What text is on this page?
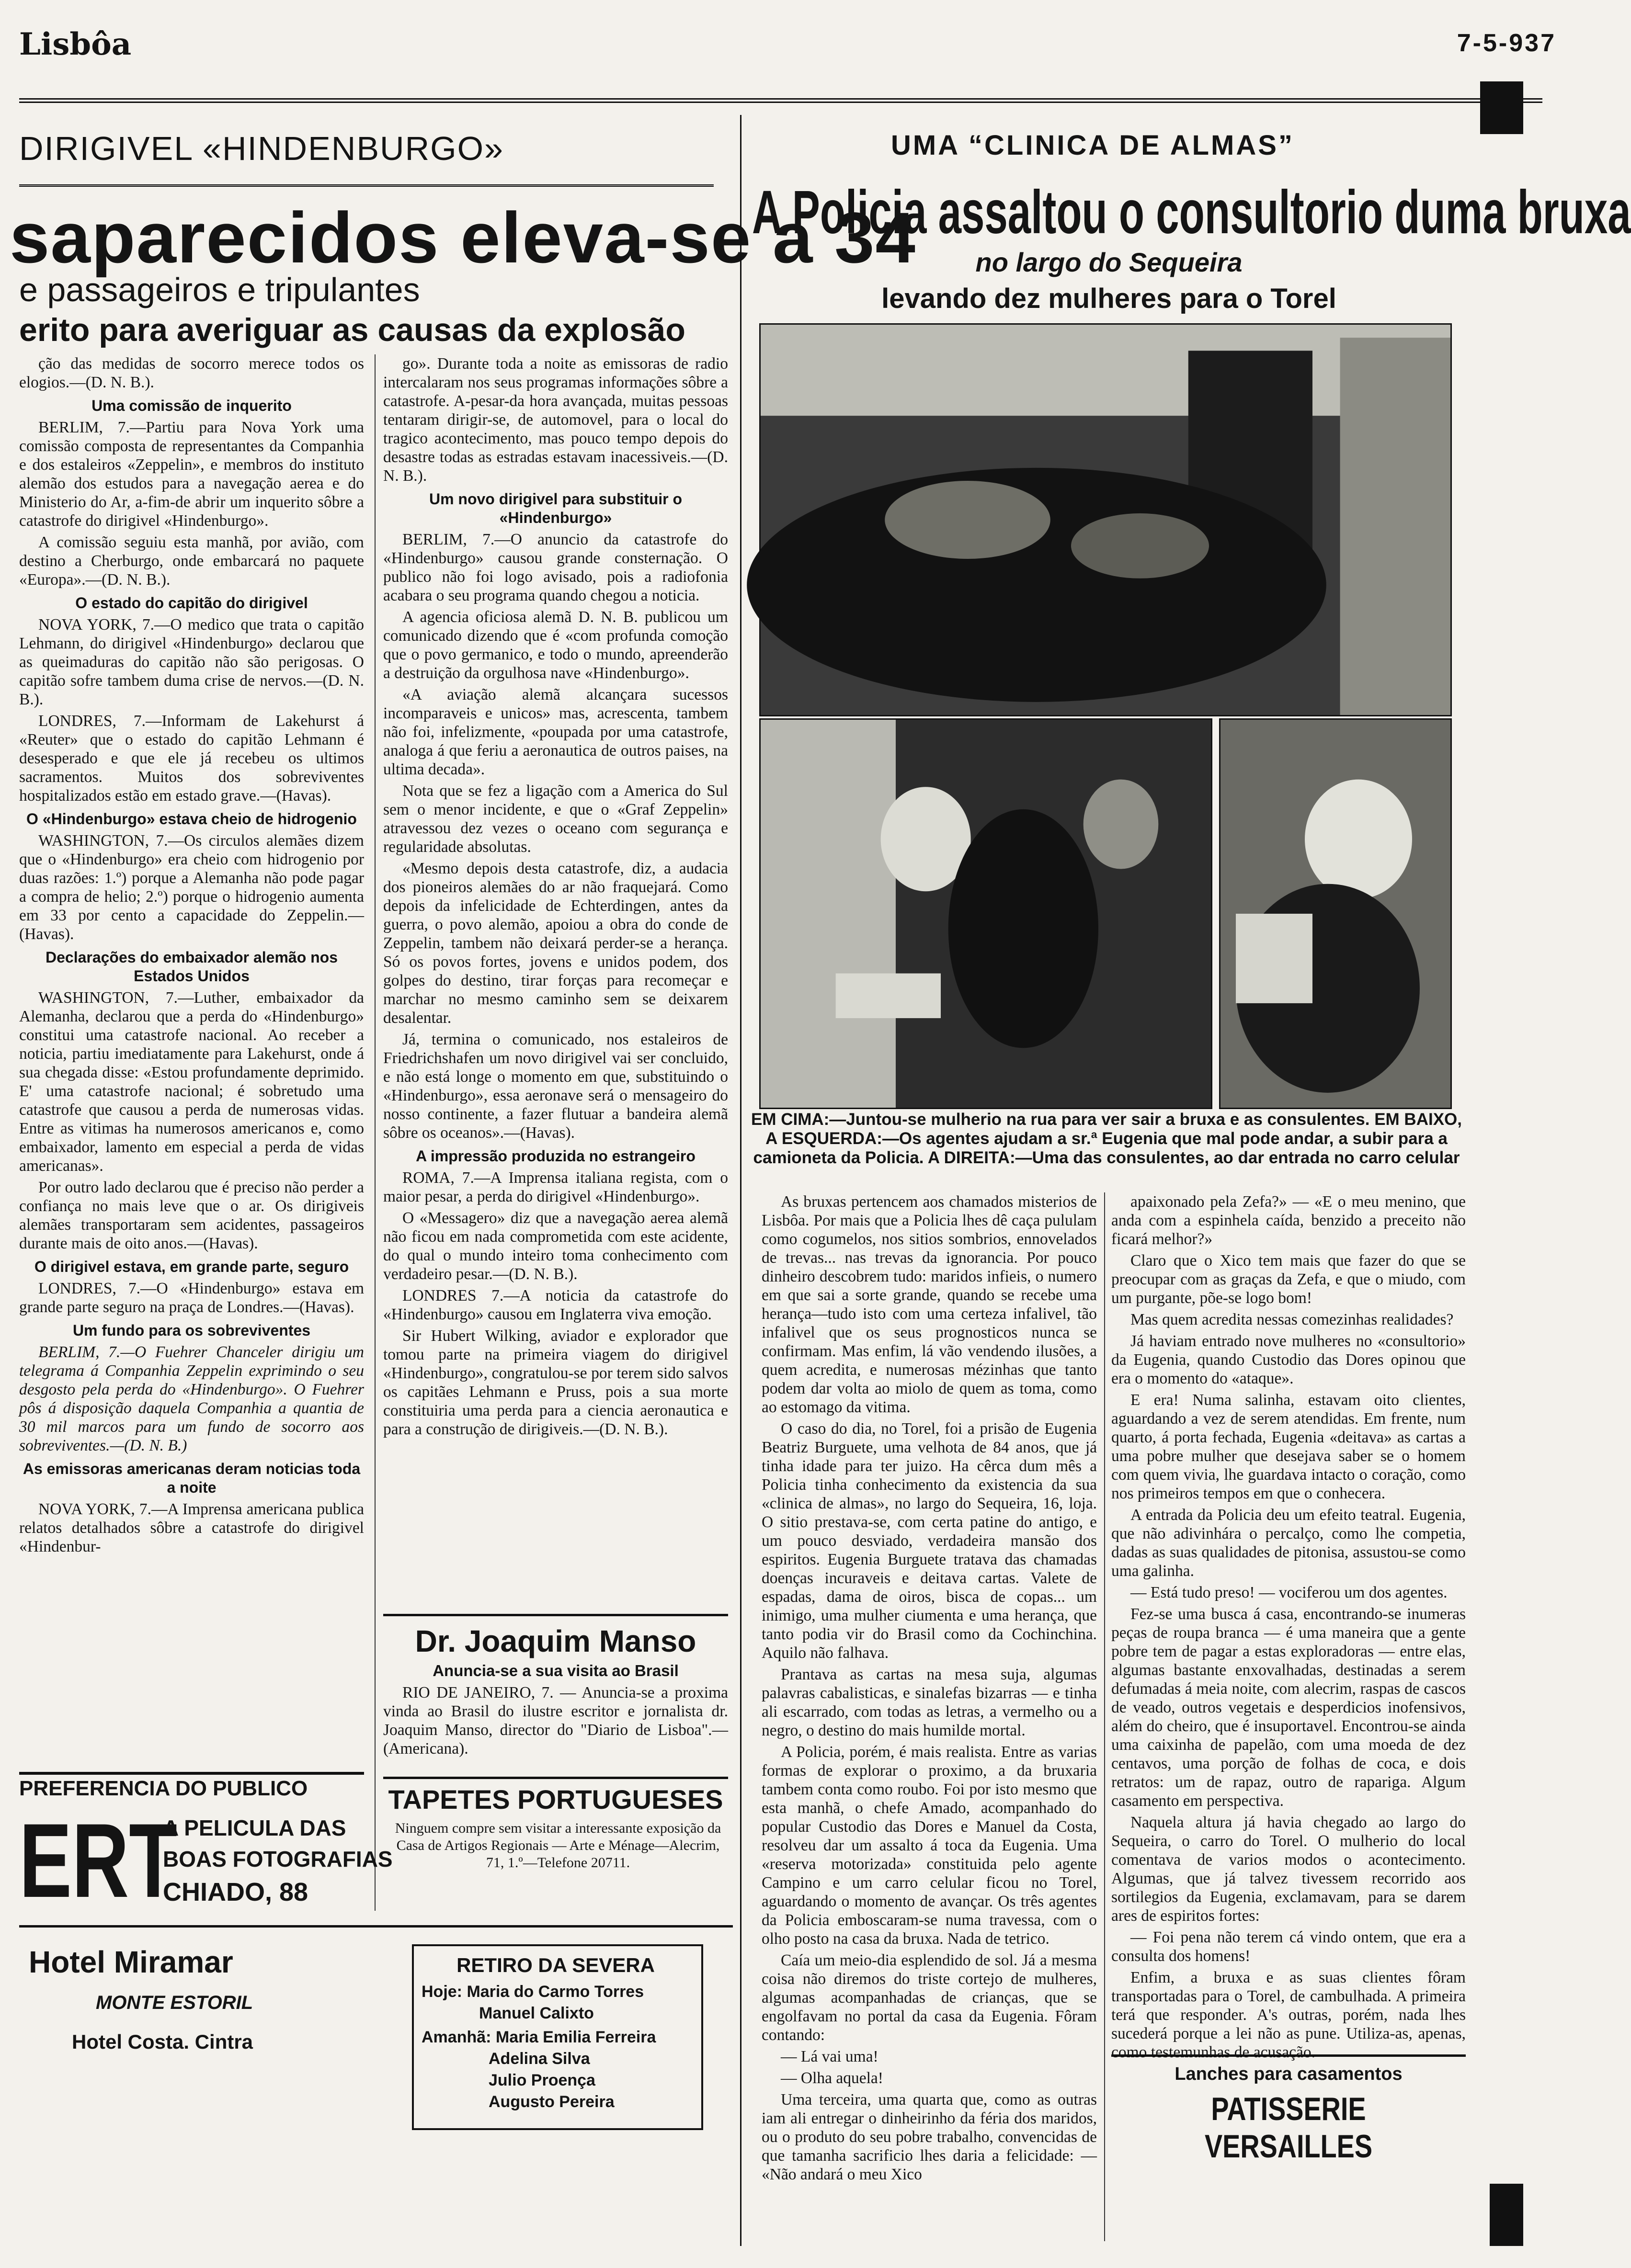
Lisbôa	7-5-937
DIRIGIVEL «HINDENBURGO»
saparecidos eleva-se a 34
e passageiros e tripulantes
erito para averiguar as causas da explosão

ção das medidas de socorro merece todos os elogios.—(D. N. B.).

Uma comissão de inquerito

BERLIM, 7.—Partiu para Nova York uma comissão composta de representantes da Companhia e dos estaleiros «Zeppelin», e membros do instituto alemão dos estudos para a navegação aerea e do Ministerio do Ar, a-fim-de abrir um inquerito sôbre a catastrofe do dirigivel «Hindenburgo».

A comissão seguiu esta manhã, por avião, com destino a Cherburgo, onde embarcará no paquete «Europa».—(D. N. B.).

O estado do capitão do dirigivel

NOVA YORK, 7.—O medico que trata o capitão Lehmann, do dirigivel «Hindenburgo» declarou que as queimaduras do capitão não são perigosas. O capitão sofre tambem duma crise de nervos.—(D. N. B.).

LONDRES, 7.—Informam de Lakehurst á «Reuter» que o estado do capitão Lehmann é desesperado e que ele já recebeu os ultimos sacramentos. Muitos dos sobreviventes hospitalizados estão em estado grave.—(Havas).

O «Hindenburgo» estava cheio de hidrogenio

WASHINGTON, 7.—Os circulos alemães dizem que o «Hindenburgo» era cheio com hidrogenio por duas razões: 1.º) porque a Alemanha não pode pagar a compra de helio; 2.º) porque o hidrogenio aumenta em 33 por cento a capacidade do Zeppelin.—(Havas).

Declarações do embaixador alemão nos Estados Unidos

WASHINGTON, 7.—Luther, embaixador da Alemanha, declarou que a perda do «Hindenburgo» constitui uma catastrofe nacional. Ao receber a noticia, partiu imediatamente para Lakehurst, onde á sua chegada disse: «Estou profundamente deprimido. E' uma catastrofe nacional; é sobretudo uma catastrofe que causou a perda de numerosas vidas. Entre as vitimas ha numerosos americanos e, como embaixador, lamento em especial a perda de vidas americanas».

Por outro lado declarou que é preciso não perder a confiança no mais leve que o ar. Os dirigiveis alemães transportaram sem acidentes, passageiros durante mais de oito anos.—(Havas).

O dirigivel estava, em grande parte, seguro

LONDRES, 7.—O «Hindenburgo» estava em grande parte seguro na praça de Londres.—(Havas).

Um fundo para os sobreviventes

BERLIM, 7.—O Fuehrer Chanceler dirigiu um telegrama á Companhia Zeppelin exprimindo o seu desgosto pela perda do «Hindenburgo». O Fuehrer pôs á disposição daquela Companhia a quantia de 30 mil marcos para um fundo de socorro aos sobreviventes.—(D. N. B.)

As emissoras americanas deram noticias toda a noite

NOVA YORK, 7.—A Imprensa americana publica relatos detalhados sôbre a catastrofe do dirigivel «Hindenbur-

go». Durante toda a noite as emissoras de radio intercalaram nos seus programas informações sôbre a catastrofe. A-pesar-da hora avançada, muitas pessoas tentaram dirigir-se, de automovel, para o local do tragico acontecimento, mas pouco tempo depois do desastre todas as estradas estavam inacessiveis.—(D. N. B.).

Um novo dirigivel para substituir o «Hindenburgo»

BERLIM, 7.—O anuncio da catastrofe do «Hindenburgo» causou grande consternação. O publico não foi logo avisado, pois a radiofonia acabara o seu programa quando chegou a noticia.

A agencia oficiosa alemã D. N. B. publicou um comunicado dizendo que é «com profunda comoção que o povo germanico, e todo o mundo, apreenderão a destruição da orgulhosa nave «Hindenburgo».

«A aviação alemã alcançara sucessos incomparaveis e unicos» mas, acrescenta, tambem não foi, infelizmente, «poupada por uma catastrofe, analoga á que feriu a aeronautica de outros paises, na ultima decada».

Nota que se fez a ligação com a America do Sul sem o menor incidente, e que o «Graf Zeppelin» atravessou dez vezes o oceano com segurança e regularidade absolutas.

«Mesmo depois desta catastrofe, diz, a audacia dos pioneiros alemães do ar não fraquejará. Como depois da infelicidade de Echterdingen, antes da guerra, o povo alemão, apoiou a obra do conde de Zeppelin, tambem não deixará perder-se a herança. Só os povos fortes, jovens e unidos podem, dos golpes do destino, tirar forças para recomeçar e marchar no mesmo caminho sem se deixarem desalentar.

Já, termina o comunicado, nos estaleiros de Friedrichshafen um novo dirigivel vai ser concluido, e não está longe o momento em que, substituindo o «Hindenburgo», essa aeronave será o mensageiro do nosso continente, a fazer flutuar a bandeira alemã sôbre os oceanos».—(Havas).

A impressão produzida no estrangeiro

ROMA, 7.—A Imprensa italiana regista, com o maior pesar, a perda do dirigivel «Hindenburgo».

O «Messagero» diz que a navegação aerea alemã não ficou em nada comprometida com este acidente, do qual o mundo inteiro toma conhecimento com verdadeiro pesar.—(D. N. B.).

LONDRES 7.—A noticia da catastrofe do «Hindenburgo» causou em Inglaterra viva emoção.

Sir Hubert Wilking, aviador e explorador que tomou parte na primeira viagem do dirigivel «Hindenburgo», congratulou-se por terem sido salvos os capitães Lehmann e Pruss, pois a sua morte constituiria uma perda para a ciencia aeronautica e para a construção de dirigiveis.—(D. N. B.).

UMA “CLINICA DE ALMAS”
A Policia assaltou o consultorio duma bruxa
no largo do Sequeira
levando dez mulheres para o Torel
EM CIMA:—Juntou-se mulherio na rua para ver sair a bruxa e as consulentes. EM BAIXO, A ESQUERDA:—Os agentes ajudam a sr.ª Eugenia que mal pode andar, a subir para a camioneta da Policia. A DIREITA:—Uma das consulentes, ao dar entrada no carro celular

As bruxas pertencem aos chamados misterios de Lisbôa. Por mais que a Policia lhes dê caça pululam como cogumelos, nos sitios sombrios, ennovelados de trevas... nas trevas da ignorancia. Por pouco dinheiro descobrem tudo: maridos infieis, o numero em que sai a sorte grande, quando se recebe uma herança—tudo isto com uma certeza infalivel, tão infalivel que os seus prognosticos nunca se confirmam. Mas enfim, lá vão vendendo ilusões, a quem acredita, e numerosas mézinhas que tanto podem dar volta ao miolo de quem as toma, como ao estomago da vitima.

O caso do dia, no Torel, foi a prisão de Eugenia Beatriz Burguete, uma velhota de 84 anos, que já tinha idade para ter juizo. Ha cêrca dum mês a Policia tinha conhecimento da existencia da sua «clinica de almas», no largo do Sequeira, 16, loja. O sitio prestava-se, com certa patine do antigo, e um pouco desviado, verdadeira mansão dos espiritos. Eugenia Burguete tratava das chamadas doenças incuraveis e deitava cartas. Valete de espadas, dama de oiros, bisca de copas... um inimigo, uma mulher ciumenta e uma herança, que tanto podia vir do Brasil como da Cochinchina. Aquilo não falhava.

Prantava as cartas na mesa suja, algumas palavras cabalisticas, e sinalefas bizarras — e tinha ali escarrado, com todas as letras, a vermelho ou a negro, o destino do mais humilde mortal.

A Policia, porém, é mais realista. Entre as varias formas de explorar o proximo, a da bruxaria tambem conta como roubo. Foi por isto mesmo que esta manhã, o chefe Amado, acompanhado do popular Custodio das Dores e Manuel da Costa, resolveu dar um assalto á toca da Eugenia. Uma «reserva motorizada» constituida pelo agente Campino e um carro celular ficou no Torel, aguardando o momento de avançar. Os três agentes da Policia emboscaram-se numa travessa, com o olho posto na casa da bruxa. Nada de tetrico.

Caía um meio-dia esplendido de sol. Já a mesma coisa não diremos do triste cortejo de mulheres, algumas acompanhadas de crianças, que se engolfavam no portal da casa da Eugenia. Fôram contando:

— Lá vai uma!

— Olha aquela!

Uma terceira, uma quarta que, como as outras iam ali entregar o dinheirinho da féria dos maridos, ou o produto do seu pobre trabalho, convencidas de que tamanha sacrificio lhes daria a felicidade: — «Não andará o meu Xico

apaixonado pela Zefa?» — «E o meu menino, que anda com a espinhela caída, benzido a preceito não ficará melhor?»

Claro que o Xico tem mais que fazer do que se preocupar com as graças da Zefa, e que o miudo, com um purgante, põe-se logo bom!

Mas quem acredita nessas comezinhas realidades?

Já haviam entrado nove mulheres no «consultorio» da Eugenia, quando Custodio das Dores opinou que era o momento do «ataque».

E era! Numa salinha, estavam oito clientes, aguardando a vez de serem atendidas. Em frente, num quarto, á porta fechada, Eugenia «deitava» as cartas a uma pobre mulher que desejava saber se o homem com quem vivia, lhe guardava intacto o coração, como nos primeiros tempos em que o conhecera.

A entrada da Policia deu um efeito teatral. Eugenia, que não adivinhára o percalço, como lhe competia, dadas as suas qualidades de pitonisa, assustou-se como uma galinha.

— Está tudo preso! — vociferou um dos agentes.

Fez-se uma busca á casa, encontrando-se inumeras peças de roupa branca — é uma maneira que a gente pobre tem de pagar a estas exploradoras — entre elas, algumas bastante enxovalhadas, destinadas a serem defumadas á meia noite, com alecrim, raspas de cascos de veado, outros vegetais e desperdicios inofensivos, além do cheiro, que é insuportavel. Encontrou-se ainda uma caixinha de papelão, com uma moeda de dez centavos, uma porção de folhas de coca, e dois retratos: um de rapaz, outro de rapariga. Algum casamento em perspectiva.

Naquela altura já havia chegado ao largo do Sequeira, o carro do Torel. O mulherio do local comentava de varios modos o acontecimento. Algumas, que já talvez tivessem recorrido aos sortilegios da Eugenia, exclamavam, para se darem ares de espiritos fortes:

— Foi pena não terem cá vindo ontem, que era a consulta dos homens!

Enfim, a bruxa e as suas clientes fôram transportadas para o Torel, de cambulhada. A primeira terá que responder. A's outras, porém, nada lhes sucederá porque a lei não as pune. Utiliza-as, apenas, como testemunhas de acusação.

PREFERENCIA DO PUBLICO
ERT
A PELICULA DAS
BOAS FOTOGRAFIAS
CHIADO, 88
Hotel Miramar
MONTE ESTORIL
Hotel Costa. Cintra
Dr. Joaquim Manso
Anuncia-se a sua visita ao Brasil

RIO DE JANEIRO, 7. — Anuncia-se a proxima vinda ao Brasil do ilustre escritor e jornalista dr. Joaquim Manso, director do "Diario de Lisboa".— (Americana).

TAPETES PORTUGUESES

Ninguem compre sem visitar a interessante exposição da Casa de Artigos Regionais — Arte e Ménage—Alecrim, 71, 1.º—Telefone 20711.

RETIRO DA SEVERA
Hoje: Maria do Carmo Torres
Manuel Calixto
Amanhã: Maria Emilia Ferreira
Adelina Silva
Julio Proença
Augusto Pereira
Lanches para casamentos
PATISSERIE VERSAILLES
